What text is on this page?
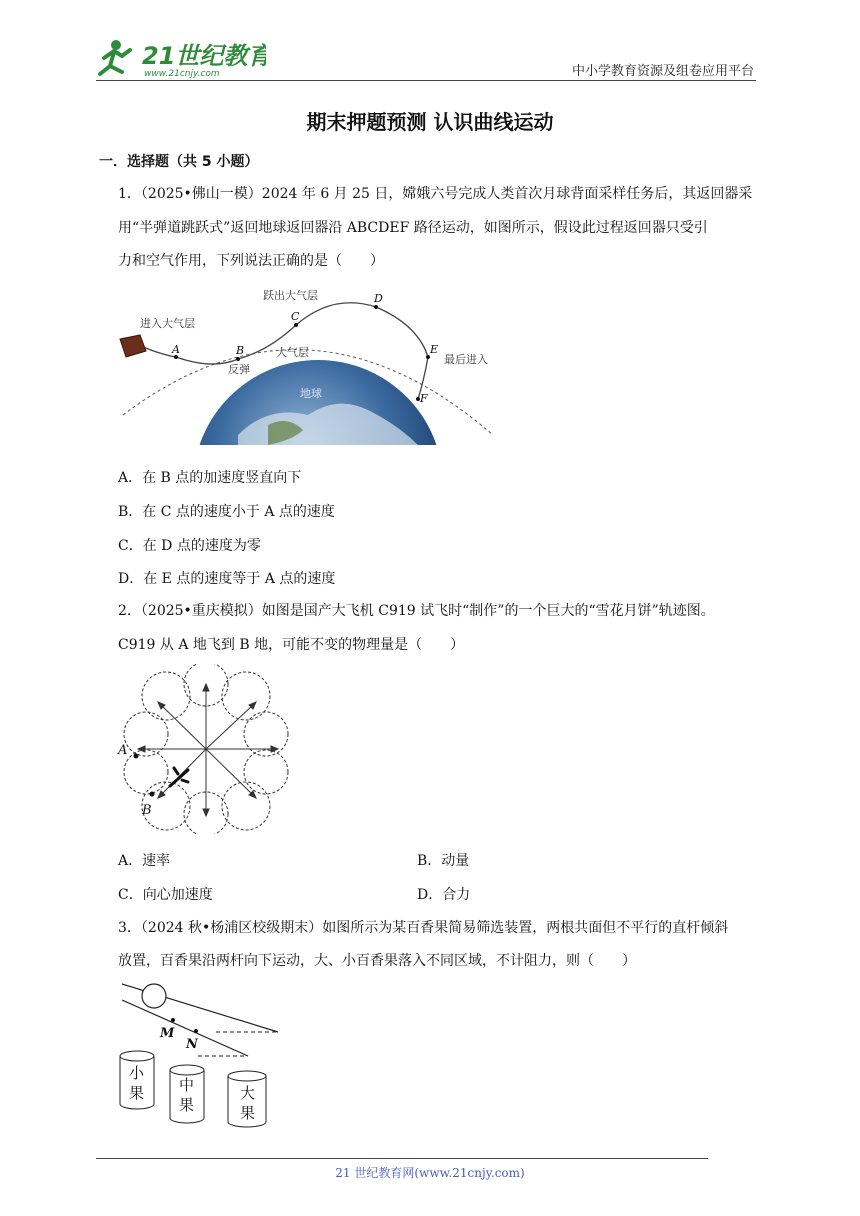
21世纪教育
www.21cnjy.com	中小学教育资源及组卷应用平台
期末押题预测 认识曲线运动
一．选择题（共 5 小题）
1．（2025•佛山一模）2024 年 6 月 25 日，嫦娥六号完成人类首次月球背面采样任务后，其返回器采
用“半弹道跳跃式”返回地球返回器沿 ABCDEF 路径运动，如图所示，假设此过程返回器只受引
力和空气作用，下列说法正确的是（　　）
A	B
C
D
E
F
进入大气层
跃出大气层
大气层
反弹
地球
最后进入
A．在 B 点的加速度竖直向下
B．在 C 点的速度小于 A 点的速度
C．在 D 点的速度为零
D．在 E 点的速度等于 A 点的速度
2．（2025•重庆模拟）如图是国产大飞机 C919 试飞时“制作”的一个巨大的“雪花月饼”轨迹图。
C919 从 A 地飞到 B 地，可能不变的物理量是（　　）
A
B
A．速率	B．动量
C．向心加速度	D．合力
3．（2024 秋•杨浦区校级期末）如图所示为某百香果简易筛选装置，两根共面但不平行的直杆倾斜
放置，百香果沿两杆向下运动，大、小百香果落入不同区域，不计阻力，则（　　）
M
N
小
果 中
果
大
果
21 世纪教育网(www.21cnjy.com)
